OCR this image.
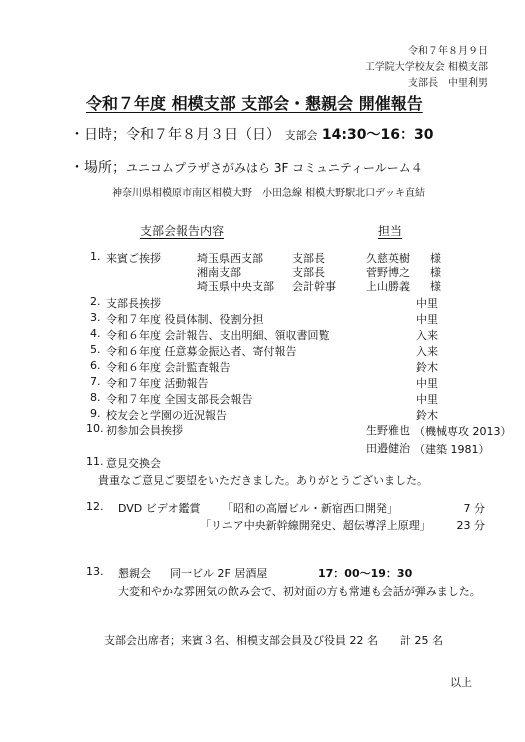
令和７年８月９日
工学院大学校友会 相模支部
支部長　中里利男
令和７年度 相模支部 支部会・懇親会 開催報告
・日時；令和７年８月３日（日） 支部会 14:30～16：30
・場所；ユニコムプラザさがみはら 3F コミュニティールーム４
神奈川県相模原市南区相模大野　小田急線 相模大野駅北口デッキ直結
支部会報告内容	担当
1. 来賓ご挨拶	埼玉県西支部	支部長	久慈英樹 様
湘南支部	支部長	菅野博之 様
埼玉県中央支部 会計幹事	上山勝義 様
2. 支部長挨拶	中里
3. 令和７年度 役員体制、役割分担	中里
4. 令和６年度 会計報告、支出明細、領収書回覧	入来
5. 令和６年度 任意募金振込者、寄付報告	入来
6. 令和６年度 会計監査報告	鈴木
7. 令和７年度 活動報告	中里
8. 令和７年度 全国支部長会報告	中里
9. 校友会と学園の近況報告	鈴木
10. 初参加会員挨拶	生野雅也 （機械専攻 2013）
田邉健治 （建築 1981）
11. 意見交換会
貴重なご意見ご要望をいただきました。ありがとうございました。
12. DVD ビデオ鑑賞 「昭和の高層ビル・新宿西口開発」	7 分
「リニア中央新幹線開発史、超伝導浮上原理」 23 分
13. 懇親会 同一ビル 2F 居酒屋	17：00～19：30
大変和やかな雰囲気の飲み会で、初対面の方も常連も会話が弾みました。
支部会出席者；来賓３名、相模支部会員及び役員 22 名　　計 25 名
以上
